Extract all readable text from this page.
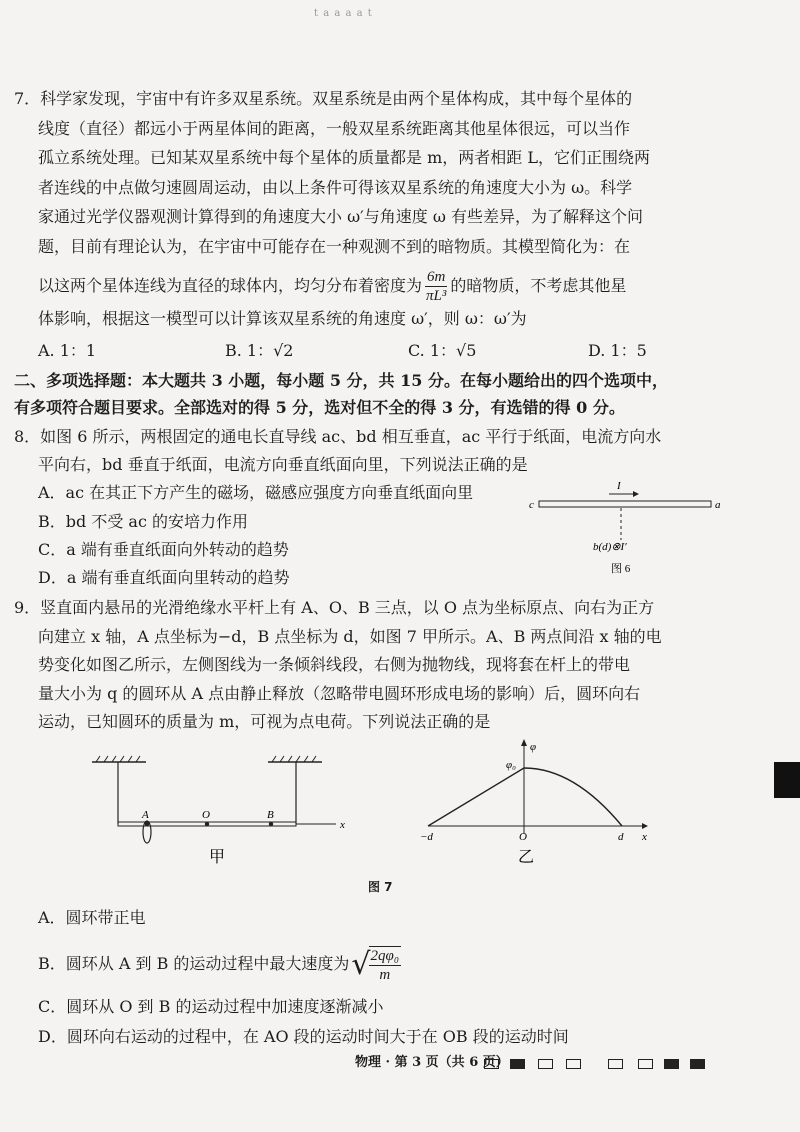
t a a a a t
7．科学家发现，宇宙中有许多双星系统。双星系统是由两个星体构成，其中每个星体的
线度（直径）都远小于两星体间的距离，一般双星系统距离其他星体很远，可以当作
孤立系统处理。已知某双星系统中每个星体的质量都是 m，两者相距 L，它们正围绕两
者连线的中点做匀速圆周运动，由以上条件可得该双星系统的角速度大小为 ω。科学
家通过光学仪器观测计算得到的角速度大小 ω′与角速度 ω 有些差异，为了解释这个问
题，目前有理论认为，在宇宙中可能存在一种观测不到的暗物质。其模型简化为：在
以这两个星体连线为直径的球体内，均匀分布着密度为 $\frac{6m}{\text{πL³}}$ 的暗物质，不考虑其他星
体影响，根据这一模型可以计算该双星系统的角速度 ω′，则 ω：ω′为
A. 1：1	B. 1：√2	C. 1：√5	D. 1：5
二、多项选择题：本大题共 3 小题，每小题 5 分，共 15 分。在每小题给出的四个选项中，
有多项符合题目要求。全部选对的得 5 分，选对但不全的得 3 分，有选错的得 0 分。
8．如图 6 所示，两根固定的通电长直导线 ac、bd 相互垂直，ac 平行于纸面，电流方向水
平向右，bd 垂直于纸面，电流方向垂直纸面向里，下列说法正确的是
A．ac 在其正下方产生的磁场，磁感应强度方向垂直纸面向里
B．bd 不受 ac 的安培力作用
C．a 端有垂直纸面向外转动的趋势
D．a 端有垂直纸面向里转动的趋势
c	a
I
b(d)⊗I′
图 6
9．竖直面内悬吊的光滑绝缘水平杆上有 A、O、B 三点，以 O 点为坐标原点、向右为正方
向建立 x 轴，A 点坐标为−d，B 点坐标为 d，如图 7 甲所示。A、B 两点间沿 x 轴的电
势变化如图乙所示，左侧图线为一条倾斜线段，右侧为抛物线，现将套在杆上的带电
量大小为 q 的圆环从 A 点由静止释放（忽略带电圆环形成电场的影响）后，圆环向右
运动，已知圆环的质量为 m，可视为点电荷。下列说法正确的是
A	O	B
x
甲
φ
φ₀
−d	O	d x
乙
图 7
A．圆环带正电
B．圆环从 A 到 B 的运动过程中最大速度为√
$\frac{\text{2qφ₀}}{m}$
C．圆环从 O 到 B 的运动过程中加速度逐渐减小
D．圆环向右运动的过程中，在 AO 段的运动时间大于在 OB 段的运动时间
物理 · 第 3 页（共 6 页）
